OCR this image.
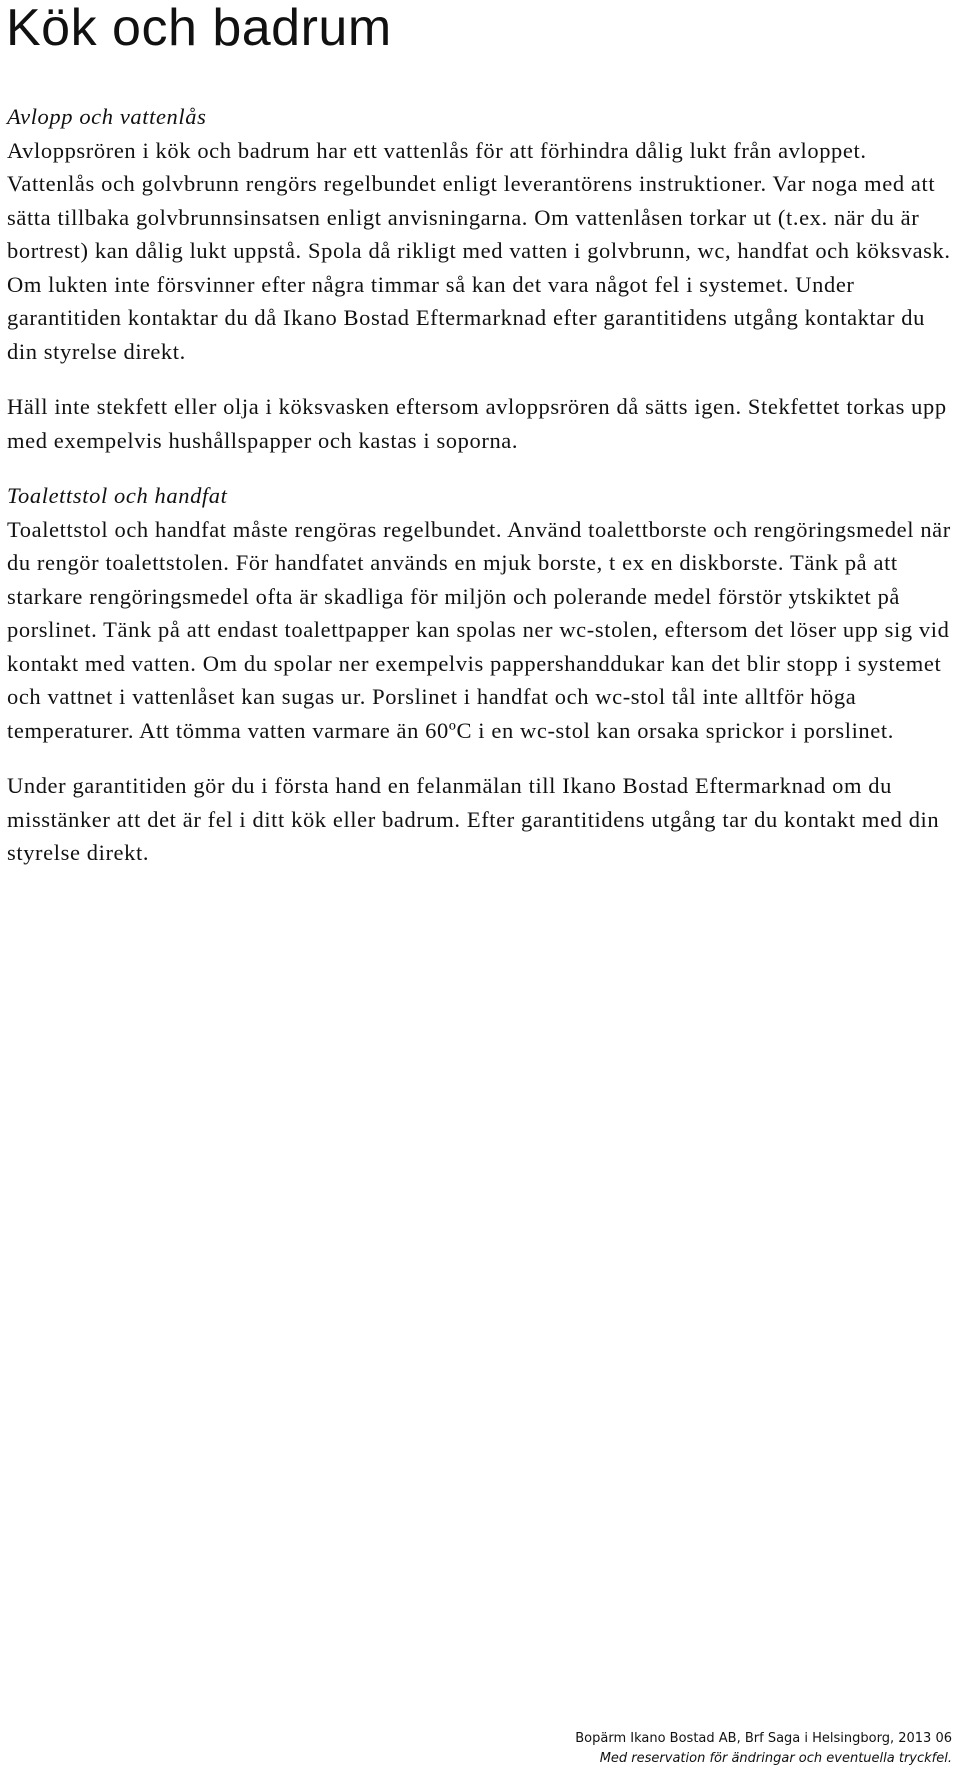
Kök och badrum
Avlopp och vattenlås

Avloppsrören i kök och badrum har ett vattenlås för att förhindra dålig lukt från avloppet. Vattenlås och golvbrunn rengörs regelbundet enligt leverantörens instruktioner. Var noga med att sätta tillbaka golvbrunnsinsatsen enligt anvisningarna. Om vattenlåsen torkar ut (t.ex. när du är bortrest) kan dålig lukt uppstå. Spola då rikligt med vatten i golvbrunn, wc, handfat och köksvask. Om lukten inte försvinner efter några timmar så kan det vara något fel i systemet. Under garantitiden kontaktar du då Ikano Bostad Eftermarknad efter garantitidens utgång kontaktar du din styrelse direkt.

Häll inte stekfett eller olja i köksvasken eftersom avloppsrören då sätts igen. Stekfettet torkas upp med exempelvis hushållspapper och kastas i soporna.

Toalettstol och handfat

Toalettstol och handfat måste rengöras regelbundet. Använd toalettborste och rengöringsmedel när du rengör toalettstolen. För handfatet används en mjuk borste, t ex en diskborste. Tänk på att starkare rengöringsmedel ofta är skadliga för miljön och polerande medel förstör ytskiktet på porslinet. Tänk på att endast toalettpapper kan spolas ner wc-stolen, eftersom det löser upp sig vid kontakt med vatten. Om du spolar ner exempelvis pappershanddukar kan det blir stopp i systemet och vattnet i vattenlåset kan sugas ur. Porslinet i handfat och wc-stol tål inte alltför höga temperaturer. Att tömma vatten varmare än 60ºC i en wc-stol kan orsaka sprickor i porslinet.

Under garantitiden gör du i första hand en felanmälan till Ikano Bostad Eftermarknad om du misstänker att det är fel i ditt kök eller badrum. Efter garantitidens utgång tar du kontakt med din styrelse direkt.

Bopärm Ikano Bostad AB, Brf Saga i Helsingborg, 2013 06
Med reservation för ändringar och eventuella tryckfel.
